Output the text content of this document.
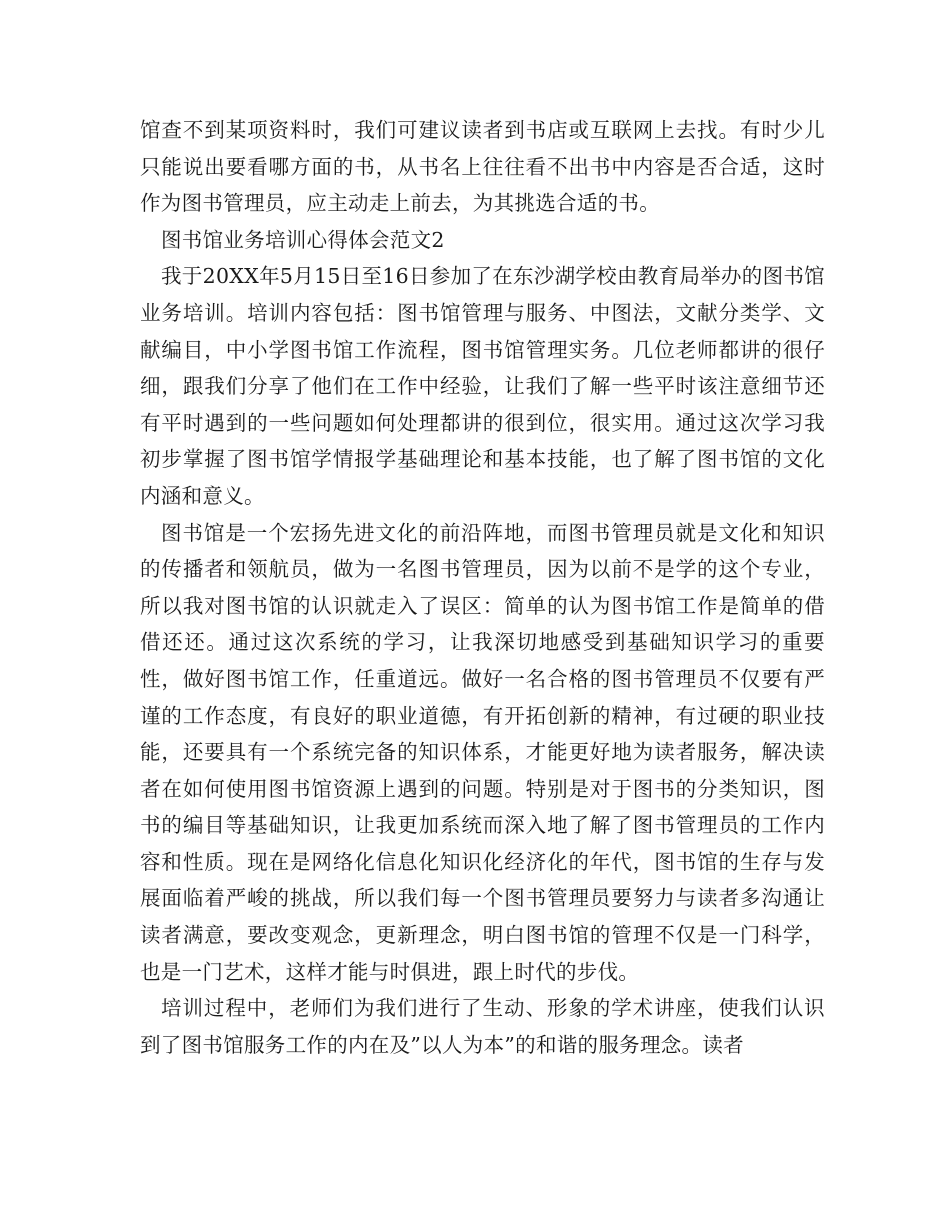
馆查不到某项资料时，我们可建议读者到书店或互联网上去找。有时少儿只能说出要看哪方面的书，从书名上往往看不出书中内容是否合适，这时作为图书管理员，应主动走上前去，为其挑选合适的书。

图书馆业务培训心得体会范文2

我于20XX年5月15日至16日参加了在东沙湖学校由教育局举办的图书馆业务培训。培训内容包括：图书馆管理与服务、中图法，文献分类学、文献编目，中小学图书馆工作流程，图书馆管理实务。几位老师都讲的很仔细，跟我们分享了他们在工作中经验，让我们了解一些平时该注意细节还有平时遇到的一些问题如何处理都讲的很到位，很实用。通过这次学习我初步掌握了图书馆学情报学基础理论和基本技能，也了解了图书馆的文化内涵和意义。

图书馆是一个宏扬先进文化的前沿阵地，而图书管理员就是文化和知识的传播者和领航员，做为一名图书管理员，因为以前不是学的这个专业，所以我对图书馆的认识就走入了误区：简单的认为图书馆工作是简单的借借还还。通过这次系统的学习，让我深切地感受到基础知识学习的重要性，做好图书馆工作，任重道远。做好一名合格的图书管理员不仅要有严谨的工作态度，有良好的职业道德，有开拓创新的精神，有过硬的职业技能，还要具有一个系统完备的知识体系，才能更好地为读者服务，解决读者在如何使用图书馆资源上遇到的问题。特别是对于图书的分类知识，图书的编目等基础知识，让我更加系统而深入地了解了图书管理员的工作内容和性质。现在是网络化信息化知识化经济化的年代，图书馆的生存与发展面临着严峻的挑战，所以我们每一个图书管理员要努力与读者多沟通让读者满意，要改变观念，更新理念，明白图书馆的管理不仅是一门科学，也是一门艺术，这样才能与时俱进，跟上时代的步伐。

培训过程中，老师们为我们进行了生动、形象的学术讲座，使我们认识到了图书馆服务工作的内在及”以人为本”的和谐的服务理念。读者
